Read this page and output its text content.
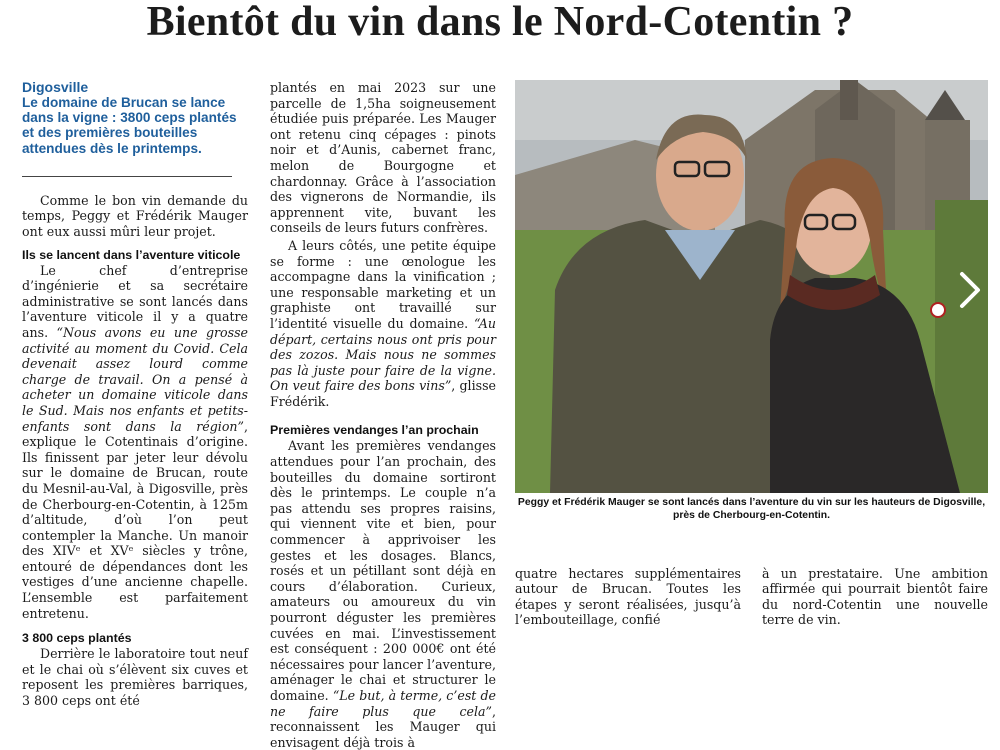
Bientôt du vin dans le Nord-Cotentin ?

Digosville

Le domaine de Brucan se lance dans la vigne : 3800 ceps plantés et des premières bouteilles attendues dès le printemps.

Comme le bon vin demande du temps, Peggy et Frédérik Mauger ont eux aussi mûri leur projet.

Ils se lancent dans l’aventure viticole

Le chef d’entreprise d’ingénierie et sa secrétaire administrative se sont lancés dans l’aventure viticole il y a quatre ans. “Nous avons eu une grosse activité au moment du Covid. Cela devenait assez lourd comme charge de travail. On a pensé à acheter un domaine viticole dans le Sud. Mais nos enfants et petits-enfants sont dans la région”, explique le Cotentinais d’origine. Ils finissent par jeter leur dévolu sur le domaine de Brucan, route du Mesnil-au-Val, à Digosville, près de Cherbourg-en-Cotentin, à 125m d’altitude, d’où l’on peut contempler la Manche. Un manoir des XIVᵉ et XVᵉ siècles y trône, entouré de dépendances dont les vestiges d’une ancienne chapelle. L’ensemble est parfaitement entretenu.

3 800 ceps plantés

Derrière le laboratoire tout neuf et le chai où s’élèvent six cuves et reposent les premières barriques, 3 800 ceps ont été

plantés en mai 2023 sur une parcelle de 1,5ha soigneusement étudiée puis préparée. Les Mauger ont retenu cinq cépages : pinots noir et d’Aunis, cabernet franc, melon de Bourgogne et chardonnay. Grâce à l’association des vignerons de Normandie, ils apprennent vite, buvant les conseils de leurs futurs confrères.

A leurs côtés, une petite équipe se forme : une œnologue les accompagne dans la vinification ; une responsable marketing et un graphiste ont travaillé sur l’identité visuelle du domaine. “Au départ, certains nous ont pris pour des zozos. Mais nous ne sommes pas là juste pour faire de la vigne. On veut faire des bons vins”, glisse Frédérik.

Premières vendanges l’an prochain

Avant les premières vendanges attendues pour l’an prochain, des bouteilles du domaine sortiront dès le printemps. Le couple n’a pas attendu ses propres raisins, qui viennent vite et bien, pour commencer à apprivoiser les gestes et les dosages. Blancs, rosés et un pétillant sont déjà en cours d’élaboration. Curieux, amateurs ou amoureux du vin pourront déguster les premières cuvées en mai. L’investissement est conséquent : 200 000€ ont été nécessaires pour lancer l’aventure, aménager le chai et structurer le domaine. “Le but, à terme, c’est de ne faire plus que cela”, reconnaissent les Mauger qui envisagent déjà trois à

Peggy et Frédérik Mauger se sont lancés dans l’aventure du vin sur les hauteurs de Digosville, près de Cherbourg-en-Cotentin.

quatre hectares supplémentaires autour de Brucan. Toutes les étapes y seront réalisées, jusqu’à l’embouteillage, confié

à un prestataire. Une ambition affirmée qui pourrait bientôt faire du nord-Cotentin une nouvelle terre de vin.
